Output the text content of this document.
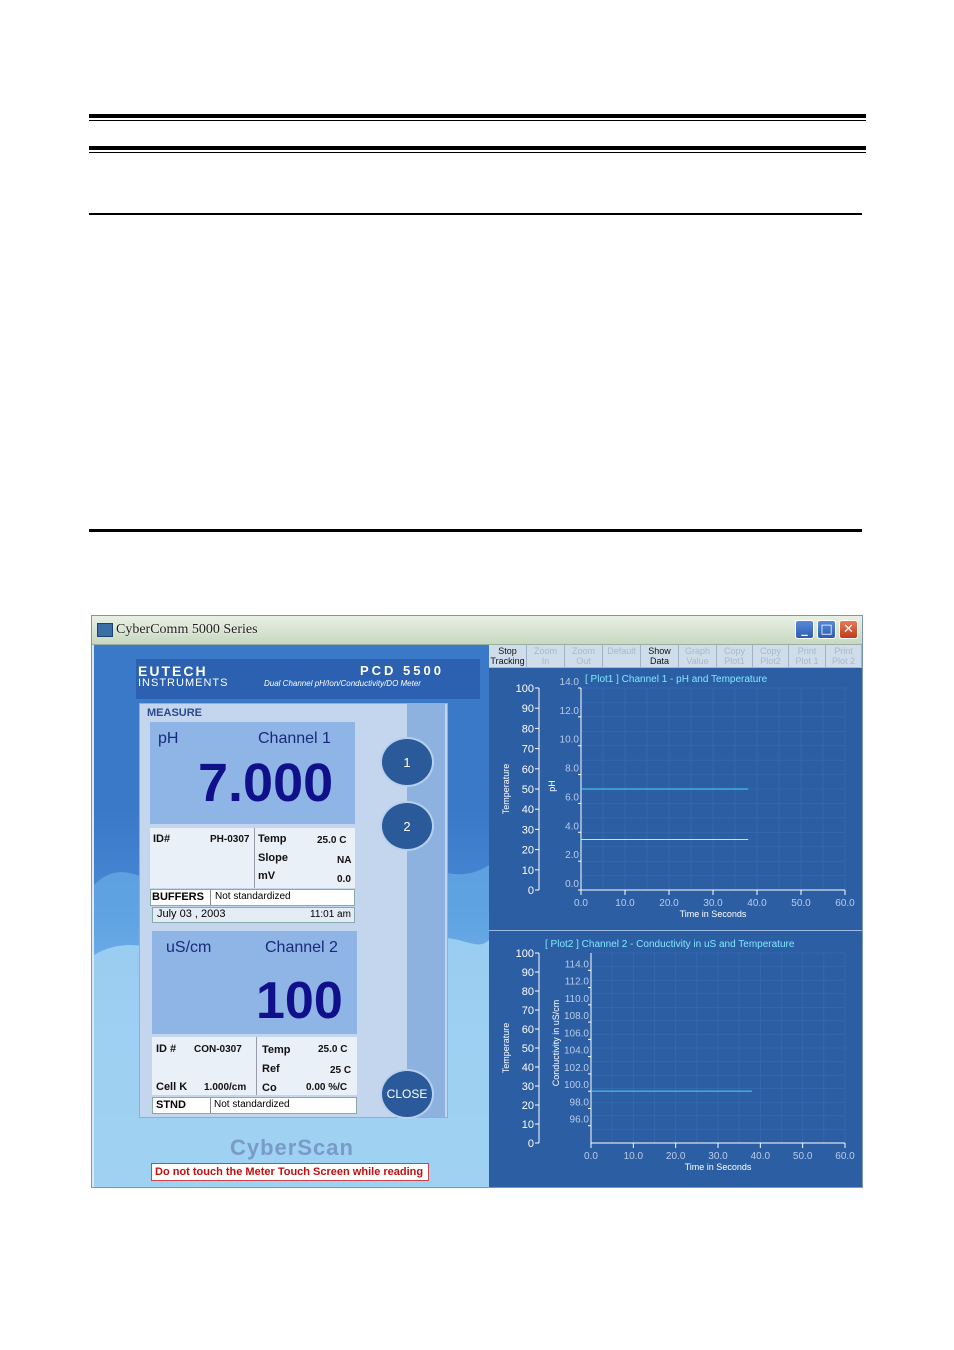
CyberComm 5000 Series	_ □ ✕
EUTECH
INSTRUMENTS
PCD 5500
Dual Channel pH/Ion/Conductivity/DO Meter
MEASURE
pH	Channel 1
7.000
ID#	PH-0307 Temp	25.0 C
Slope	NA
mV	0.0
BUFFERS Not standardized
July 03 , 2003	11:01 am
uS/cm	Channel 2
100
ID # CON-0307 Temp	25.0 C
Ref	25 C
Cell K 1.000/cm Co	0.00 %/C
STND	Not standardized
1
2
CLOSE
CyberScan
Do not touch the Meter Touch Screen while reading
Stop
Tracking
Zoom
In
Zoom
Out
Default	Show
Data
Graph
Value
Copy
Plot1
Copy
Plot2
Print
Plot 1
Print
Plot 2
[ Plot1 ] Channel 1 - pH and Temperature
0
10
20
30
40
50
60
70
80
90
100
Temperature
0.0
2.0
4.0
6.0
8.0
10.0
12.0
14.0
pH
0.0	10.0 20.0 30.0 40.0 50.0 60.0
Time in Seconds
[ Plot2 ] Channel 2 - Conductivity in uS and Temperature
0
10
20
30
40
50
60
70
80
90
100
Temperature
96.0
98.0
100.0
102.0
104.0
106.0
108.0
110.0
112.0
114.0
Conductivity in uS/cm
0.0	10.0 20.0 30.0 40.0 50.0 60.0
Time in Seconds
